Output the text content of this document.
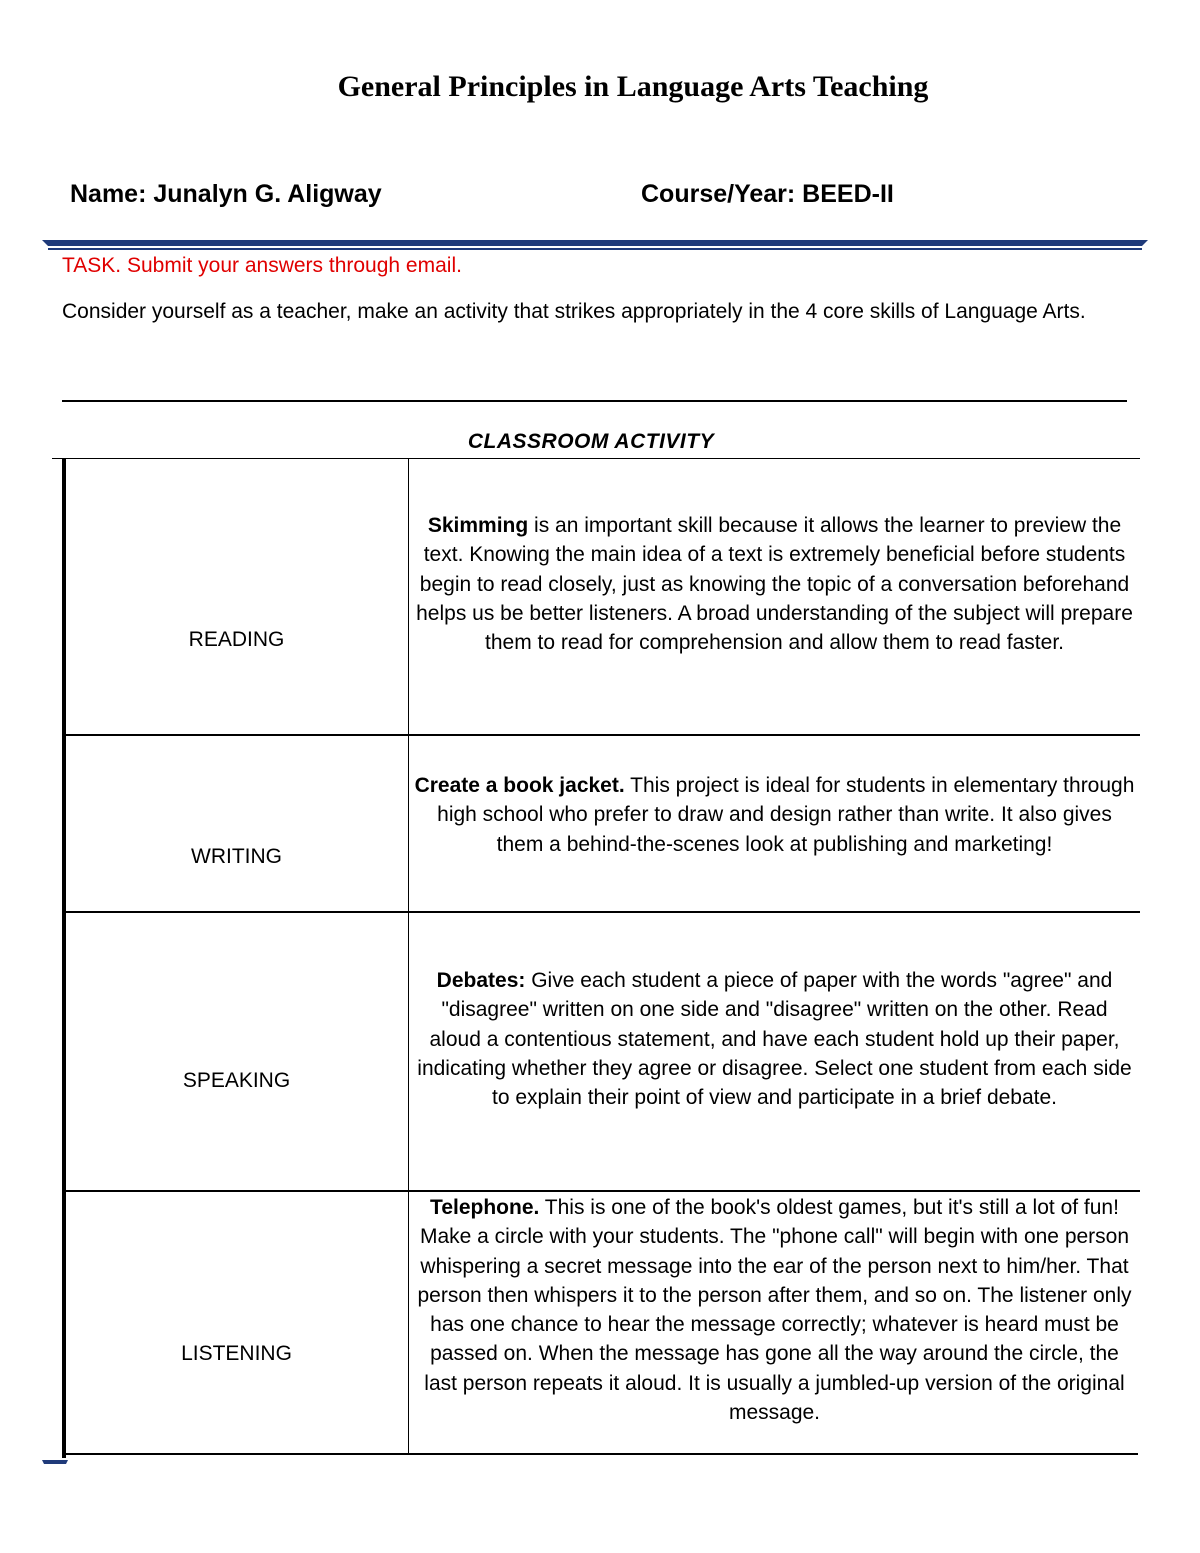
General Principles in Language Arts Teaching
Name: Junalyn G. Aligway	Course/Year: BEED-II
TASK. Submit your answers through email.
Consider yourself as a teacher, make an activity that strikes appropriately in the 4 core skills of Language Arts.
CLASSROOM ACTIVITY
READING
Skimming is an important skill because it allows the learner to preview the text. Knowing the main idea of a text is extremely beneficial before students begin to read closely, just as knowing the topic of a conversation beforehand helps us be better listeners. A broad understanding of the subject will prepare them to read for comprehension and allow them to read faster.
WRITING
Create a book jacket. This project is ideal for students in elementary through high school who prefer to draw and design rather than write. It also gives them a behind-the-scenes look at publishing and marketing!
SPEAKING
Debates: Give each student a piece of paper with the words "agree" and "disagree" written on one side and "disagree" written on the other. Read aloud a contentious statement, and have each student hold up their paper, indicating whether they agree or disagree. Select one student from each side to explain their point of view and participate in a brief debate.
LISTENING
Telephone. This is one of the book's oldest games, but it's still a lot of fun! Make a circle with your students. The "phone call" will begin with one person whispering a secret message into the ear of the person next to him/her. That person then whispers it to the person after them, and so on. The listener only has one chance to hear the message correctly; whatever is heard must be passed on. When the message has gone all the way around the circle, the last person repeats it aloud. It is usually a jumbled-up version of the original message.
